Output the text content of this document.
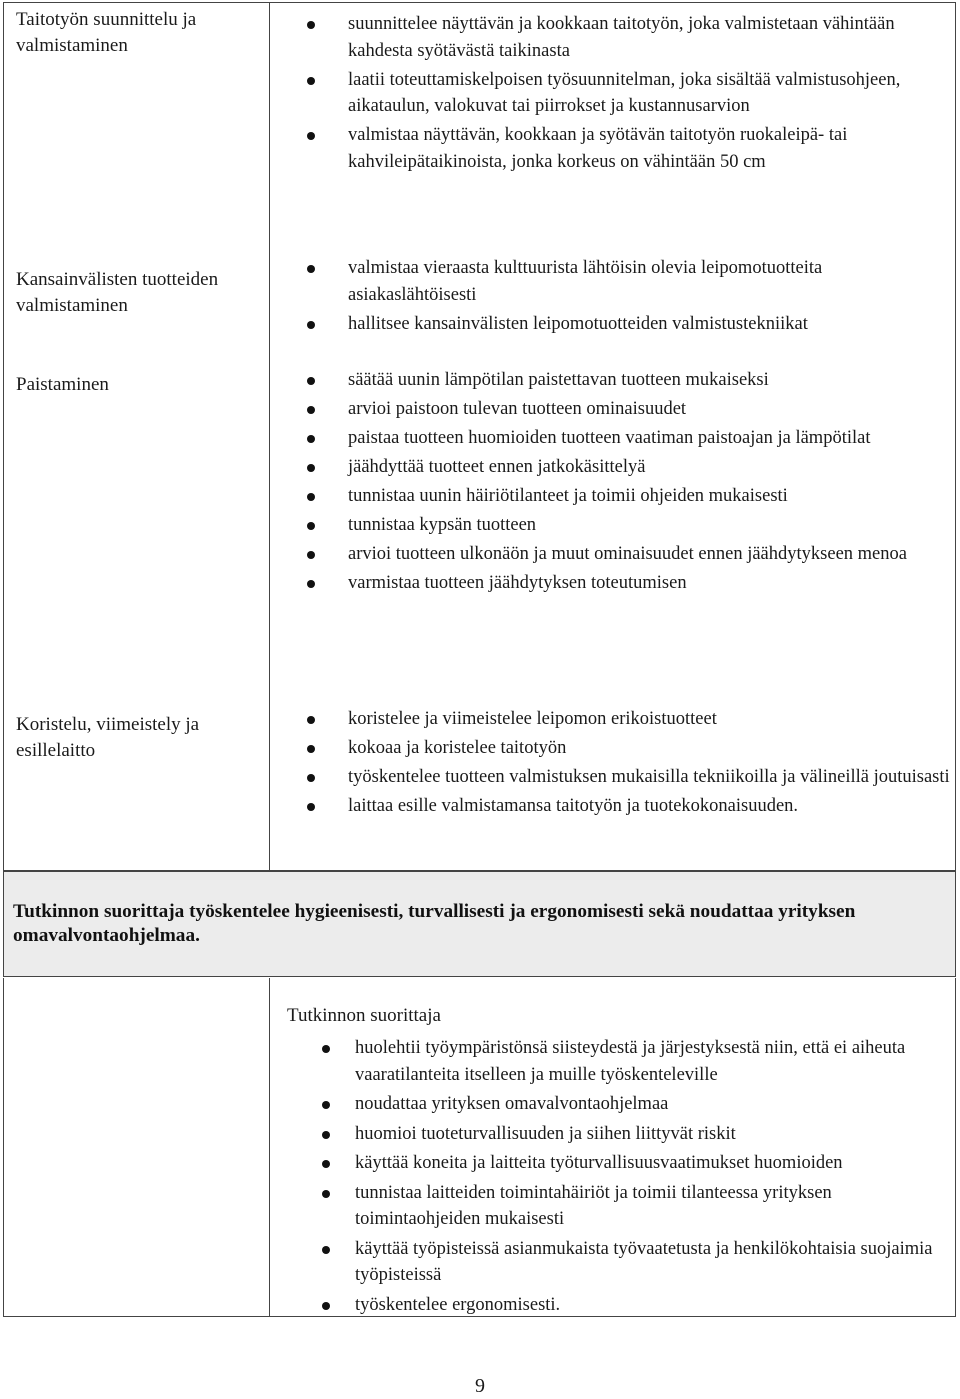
Taitotyön suunnittelu ja valmistaminen
suunnittelee näyttävän ja kookkaan taitotyön, joka valmistetaan vähintään kahdesta syötävästä taikinasta
laatii toteuttamiskelpoisen työsuunnitelman, joka sisältää valmistusohjeen, aikataulun, valokuvat tai piirrokset ja kustannusarvion
valmistaa näyttävän, kookkaan ja syötävän taitotyön ruokaleipä- tai kahvileipätaikinoista, jonka korkeus on vähintään 50 cm
Kansainvälisten tuotteiden valmistaminen
valmistaa vieraasta kulttuurista lähtöisin olevia leipomotuotteita asiakaslähtöisesti
hallitsee kansainvälisten leipomotuotteiden valmistustekniikat
Paistaminen	säätää uunin lämpötilan paistettavan tuotteen mukaiseksi
arvioi paistoon tulevan tuotteen ominaisuudet
paistaa tuotteen huomioiden tuotteen vaatiman paistoajan ja lämpötilat
jäähdyttää tuotteet ennen jatkokäsittelyä
tunnistaa uunin häiriötilanteet ja toimii ohjeiden mukaisesti
tunnistaa kypsän tuotteen
arvioi tuotteen ulkonäön ja muut ominaisuudet ennen jäähdytykseen menoa
varmistaa tuotteen jäähdytyksen toteutumisen
Koristelu, viimeistely ja esillelaitto
koristelee ja viimeistelee leipomon erikoistuotteet
kokoaa ja koristelee taitotyön
työskentelee tuotteen valmistuksen mukaisilla tekniikoilla ja välineillä joutuisasti
laittaa esille valmistamansa taitotyön ja tuotekokonaisuuden.
Tutkinnon suorittaja työskentelee hygieenisesti, turvallisesti ja ergonomisesti sekä noudattaa yrityksen omavalvontaohjelmaa.
Tutkinnon suorittaja
huolehtii työympäristönsä siisteydestä ja järjestyksestä niin, että ei aiheuta vaaratilanteita itselleen ja muille työskenteleville
noudattaa yrityksen omavalvontaohjelmaa
huomioi tuoteturvallisuuden ja siihen liittyvät riskit
käyttää koneita ja laitteita työturvallisuusvaatimukset huomioiden
tunnistaa laitteiden toimintahäiriöt ja toimii tilanteessa yrityksen toimintaohjeiden mukaisesti
käyttää työpisteissä asianmukaista työvaatetusta ja henkilökohtaisia suojaimia työpisteissä
työskentelee ergonomisesti.
9
